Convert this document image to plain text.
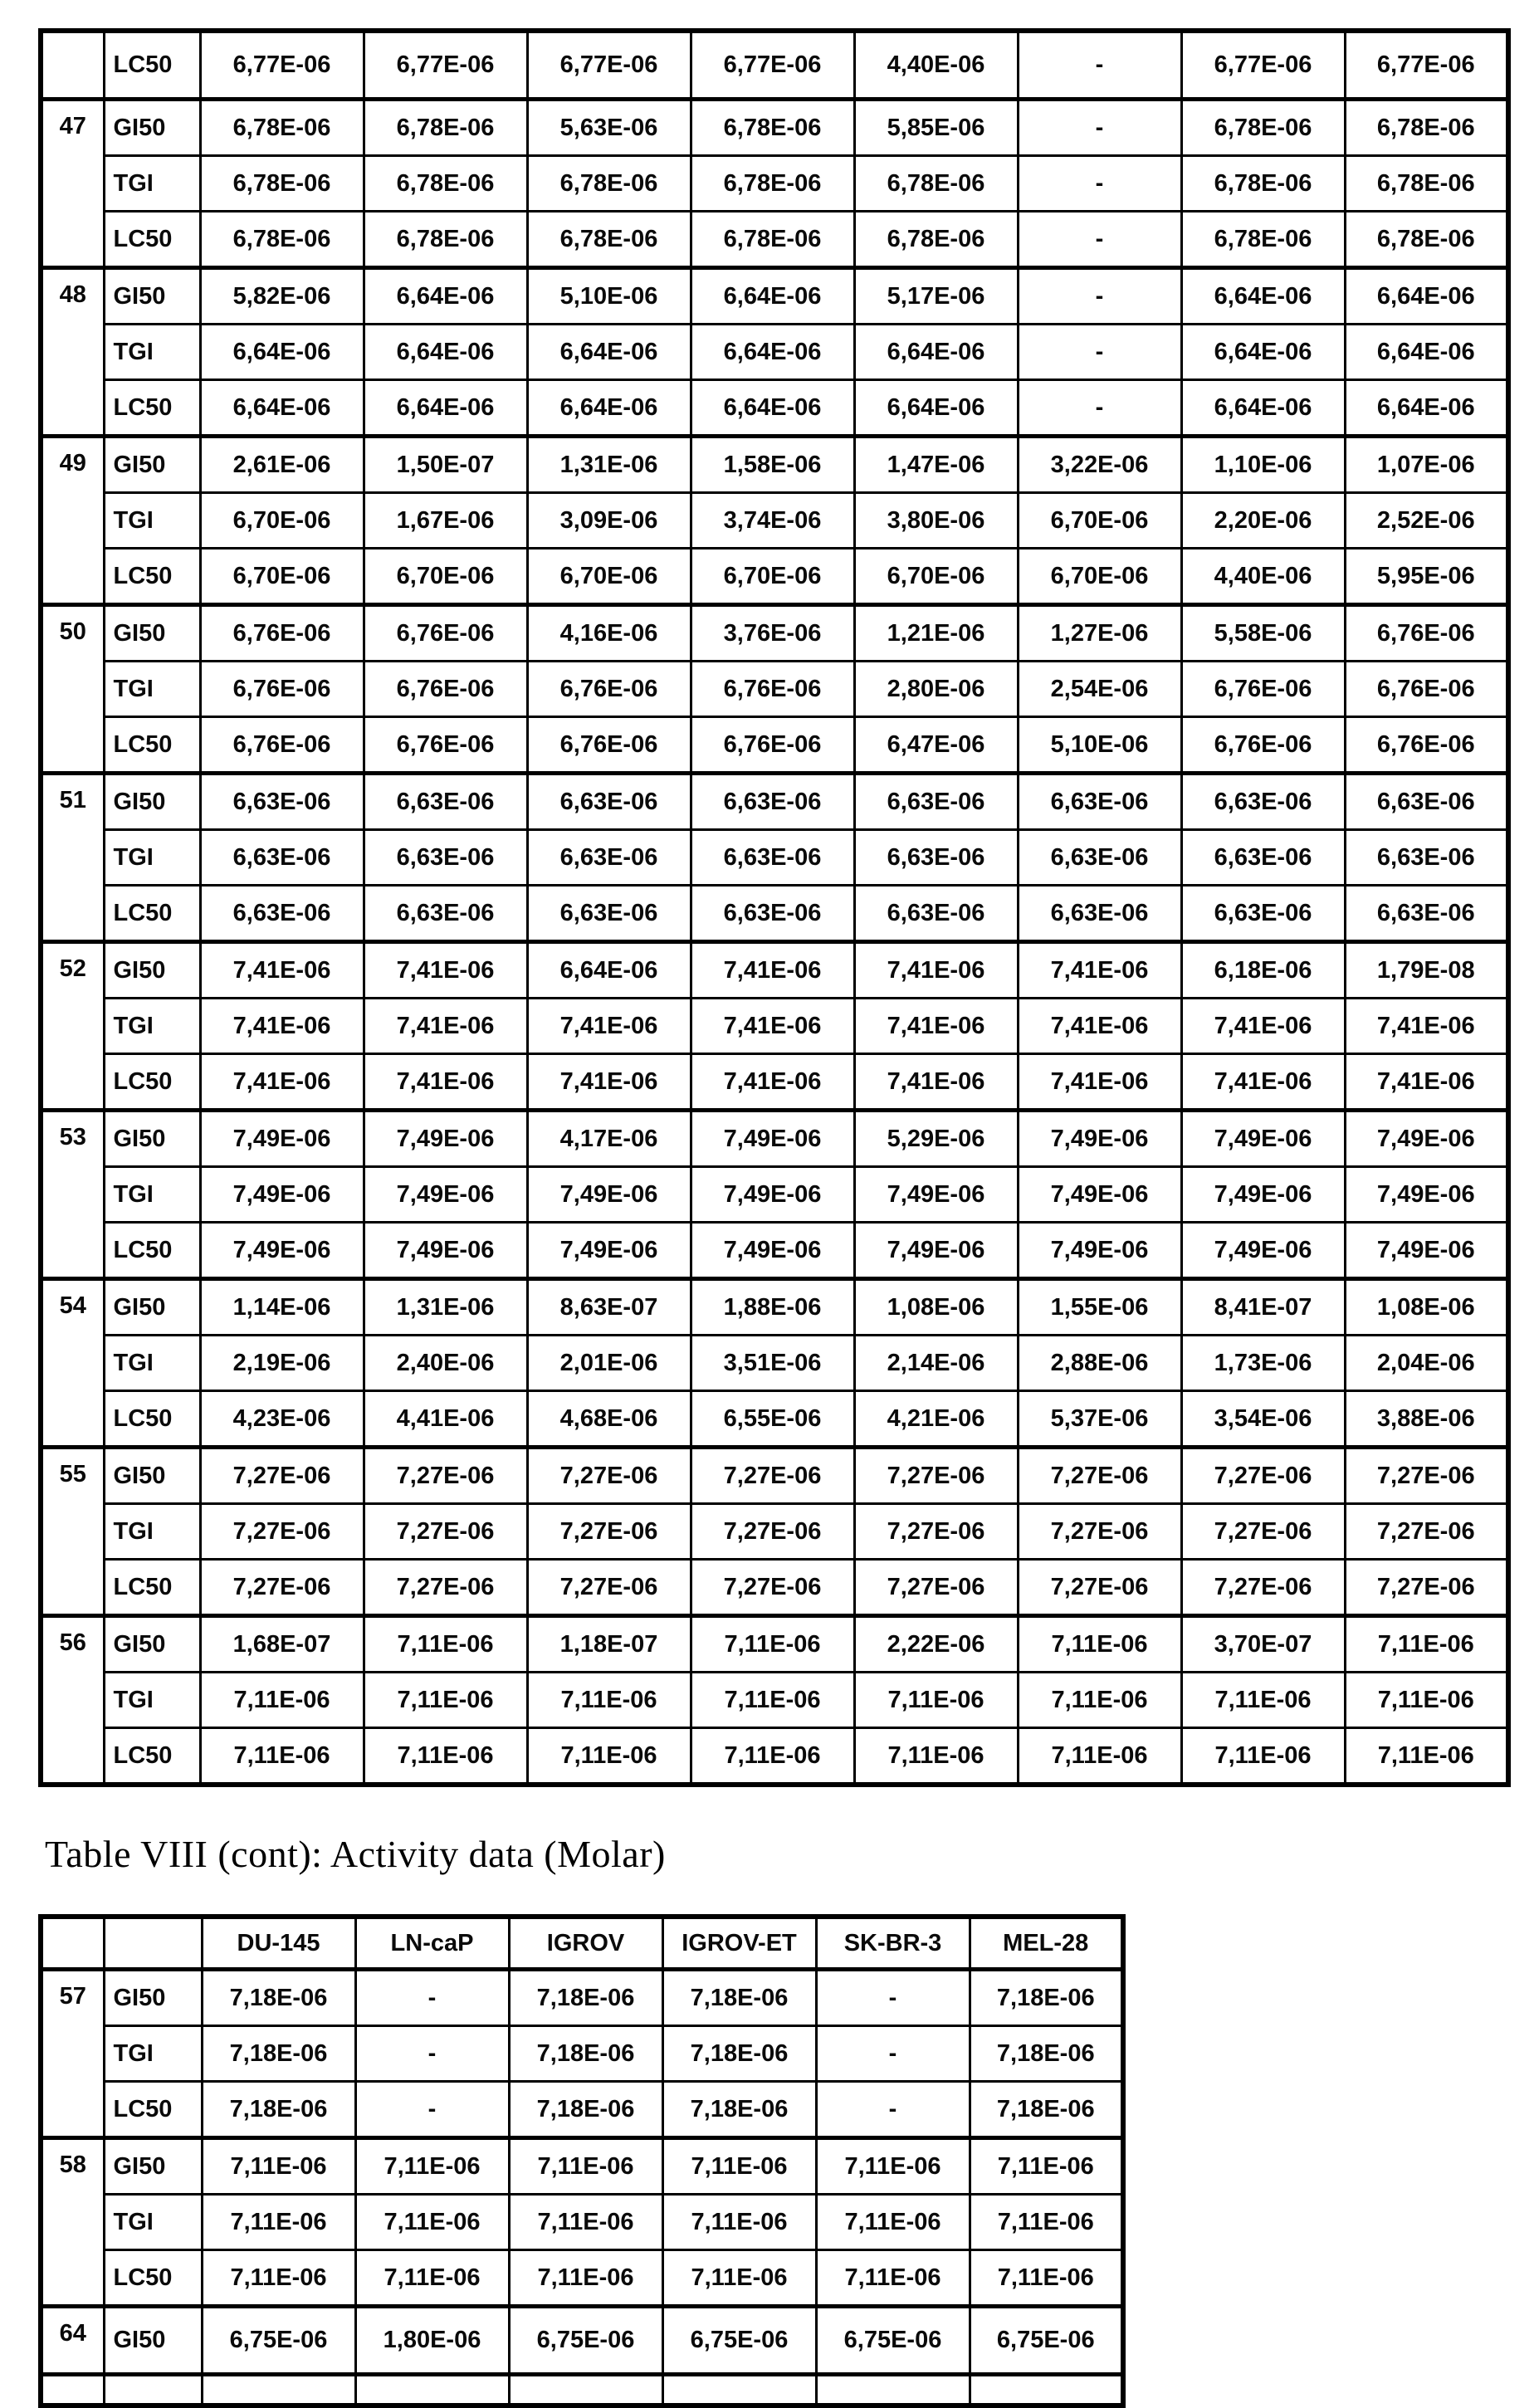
	LC50	6,77E-06	6,77E-06	6,77E-06	6,77E-06	4,40E-06	-	6,77E-06	6,77E-06
47	GI50	6,78E-06	6,78E-06	5,63E-06	6,78E-06	5,85E-06	-	6,78E-06	6,78E-06
	TGI	6,78E-06	6,78E-06	6,78E-06	6,78E-06	6,78E-06	-	6,78E-06	6,78E-06
	LC50	6,78E-06	6,78E-06	6,78E-06	6,78E-06	6,78E-06	-	6,78E-06	6,78E-06
48	GI50	5,82E-06	6,64E-06	5,10E-06	6,64E-06	5,17E-06	-	6,64E-06	6,64E-06
	TGI	6,64E-06	6,64E-06	6,64E-06	6,64E-06	6,64E-06	-	6,64E-06	6,64E-06
	LC50	6,64E-06	6,64E-06	6,64E-06	6,64E-06	6,64E-06	-	6,64E-06	6,64E-06
49	GI50	2,61E-06	1,50E-07	1,31E-06	1,58E-06	1,47E-06	3,22E-06	1,10E-06	1,07E-06
	TGI	6,70E-06	1,67E-06	3,09E-06	3,74E-06	3,80E-06	6,70E-06	2,20E-06	2,52E-06
	LC50	6,70E-06	6,70E-06	6,70E-06	6,70E-06	6,70E-06	6,70E-06	4,40E-06	5,95E-06
50	GI50	6,76E-06	6,76E-06	4,16E-06	3,76E-06	1,21E-06	1,27E-06	5,58E-06	6,76E-06
	TGI	6,76E-06	6,76E-06	6,76E-06	6,76E-06	2,80E-06	2,54E-06	6,76E-06	6,76E-06
	LC50	6,76E-06	6,76E-06	6,76E-06	6,76E-06	6,47E-06	5,10E-06	6,76E-06	6,76E-06
51	GI50	6,63E-06	6,63E-06	6,63E-06	6,63E-06	6,63E-06	6,63E-06	6,63E-06	6,63E-06
	TGI	6,63E-06	6,63E-06	6,63E-06	6,63E-06	6,63E-06	6,63E-06	6,63E-06	6,63E-06
	LC50	6,63E-06	6,63E-06	6,63E-06	6,63E-06	6,63E-06	6,63E-06	6,63E-06	6,63E-06
52	GI50	7,41E-06	7,41E-06	6,64E-06	7,41E-06	7,41E-06	7,41E-06	6,18E-06	1,79E-08
	TGI	7,41E-06	7,41E-06	7,41E-06	7,41E-06	7,41E-06	7,41E-06	7,41E-06	7,41E-06
	LC50	7,41E-06	7,41E-06	7,41E-06	7,41E-06	7,41E-06	7,41E-06	7,41E-06	7,41E-06
53	GI50	7,49E-06	7,49E-06	4,17E-06	7,49E-06	5,29E-06	7,49E-06	7,49E-06	7,49E-06
	TGI	7,49E-06	7,49E-06	7,49E-06	7,49E-06	7,49E-06	7,49E-06	7,49E-06	7,49E-06
	LC50	7,49E-06	7,49E-06	7,49E-06	7,49E-06	7,49E-06	7,49E-06	7,49E-06	7,49E-06
54	GI50	1,14E-06	1,31E-06	8,63E-07	1,88E-06	1,08E-06	1,55E-06	8,41E-07	1,08E-06
	TGI	2,19E-06	2,40E-06	2,01E-06	3,51E-06	2,14E-06	2,88E-06	1,73E-06	2,04E-06
	LC50	4,23E-06	4,41E-06	4,68E-06	6,55E-06	4,21E-06	5,37E-06	3,54E-06	3,88E-06
55	GI50	7,27E-06	7,27E-06	7,27E-06	7,27E-06	7,27E-06	7,27E-06	7,27E-06	7,27E-06
	TGI	7,27E-06	7,27E-06	7,27E-06	7,27E-06	7,27E-06	7,27E-06	7,27E-06	7,27E-06
	LC50	7,27E-06	7,27E-06	7,27E-06	7,27E-06	7,27E-06	7,27E-06	7,27E-06	7,27E-06
56	GI50	1,68E-07	7,11E-06	1,18E-07	7,11E-06	2,22E-06	7,11E-06	3,70E-07	7,11E-06
	TGI	7,11E-06	7,11E-06	7,11E-06	7,11E-06	7,11E-06	7,11E-06	7,11E-06	7,11E-06
	LC50	7,11E-06	7,11E-06	7,11E-06	7,11E-06	7,11E-06	7,11E-06	7,11E-06	7,11E-06
Table VIII (cont): Activity data (Molar)
		DU-145	LN-caP	IGROV	IGROV-ET	SK-BR-3	MEL-28
57	GI50	7,18E-06	-	7,18E-06	7,18E-06	-	7,18E-06
	TGI	7,18E-06	-	7,18E-06	7,18E-06	-	7,18E-06
	LC50	7,18E-06	-	7,18E-06	7,18E-06	-	7,18E-06
58	GI50	7,11E-06	7,11E-06	7,11E-06	7,11E-06	7,11E-06	7,11E-06
	TGI	7,11E-06	7,11E-06	7,11E-06	7,11E-06	7,11E-06	7,11E-06
	LC50	7,11E-06	7,11E-06	7,11E-06	7,11E-06	7,11E-06	7,11E-06
64	GI50	6,75E-06	1,80E-06	6,75E-06	6,75E-06	6,75E-06	6,75E-06
